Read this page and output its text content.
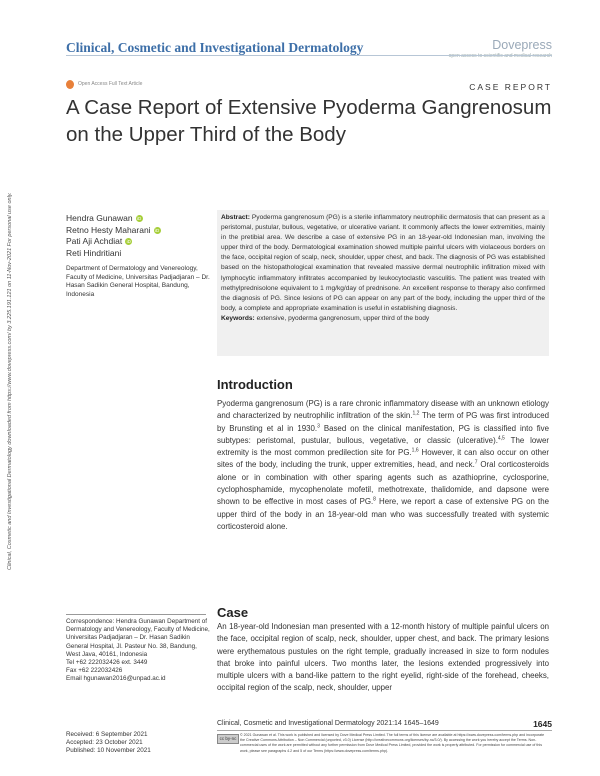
Clinical, Cosmetic and Investigational Dermatology	Dovepress
open access to scientific and medical research
Open Access Full Text Article	CASE REPORT
A Case Report of Extensive Pyoderma Gangrenosum on the Upper Third of the Body
Clinical, Cosmetic and Investigational Dermatology downloaded from https://www.dovepress.com/ by 3.225.191.121 on 11-Nov-2021 For personal use only.	Hendra Gunawan iD
Retno Hesty Maharani iD
Pati Aji Achdiat iD
Reti Hindritiani
Department of Dermatology and Venereology, Faculty of Medicine, Universitas Padjadjaran – Dr. Hasan Sadikin General Hospital, Bandung, Indonesia
Abstract: Pyoderma gangrenosum (PG) is a sterile inflammatory neutrophilic dermatosis that can present as a peristomal, pustular, bullous, vegetative, or ulcerative variant. It commonly affects the lower extremities, mainly in the pretibial area. We describe a case of extensive PG in an 18-year-old Indonesian man, involving the upper third of the body. Dermatological examination showed multiple painful ulcers with violaceous borders on the face, occipital region of scalp, neck, shoulder, upper chest, and back. The diagnosis of PG was established based on the histopathological examination that revealed massive dermal neutrophilic infiltration mixed with lymphocytic inflammatory infiltrates accompanied by leukocytoclastic vasculitis. The patient was treated with methylprednisolone equivalent to 1 mg/kg/day of prednisone. An excellent response to therapy also confirmed the diagnosis of PG. Since lesions of PG can appear on any part of the body, including the upper third of the body, a complete and appropriate examination is useful in establishing diagnosis.
Keywords: extensive, pyoderma gangrenosum, upper third of the body
Introduction
Pyoderma gangrenosum (PG) is a rare chronic inflammatory disease with an unknown etiology and characterized by neutrophilic infiltration of the skin.$^{1,2}$ The term of PG was first introduced by Brunsting et al in 1930.$^3$ Based on the clinical manifestation, PG is classified into five subtypes: peristomal, pustular, bullous, vegetative, or classic (ulcerative).$^{4,5}$ The lower extremity is the most common predilection site for PG.$^{1,6}$ However, it can also occur on other sites of the body, including the trunk, upper extremities, head, and neck.$^7$ Oral corticosteroids alone or in combination with other sparing agents such as azathioprine, cyclosporine, cyclophosphamide, mycophenolate mofetil, methotrexate, thalidomide, and dapsone were shown to be effective in most cases of PG.$^8$ Here, we report a case of extensive PG on the upper third of the body in an 18-year-old man who was successfully treated with systemic corticosteroid alone.
Correspondence: Hendra Gunawan Department of Dermatology and Venereology, Faculty of Medicine, Universitas Padjadjaran – Dr. Hasan Sadikin General Hospital, Jl. Pasteur No. 38, Bandung, West Java, 40161, Indonesia
Tel +62 222032426 ext. 3449
Fax +62 222032426
Email hgunawan2016@unpad.ac.id
Case
An 18-year-old Indonesian man presented with a 12-month history of multiple painful ulcers on the face, occipital region of scalp, neck, shoulder, upper chest, and back. The primary lesions were erythematous pustules on the right temple, gradually increased in size to form nodules that broke into painful ulcers. Two months later, the lesions extended progressively into multiple ulcers with a band-like pattern to the right eyelid, right-side of the forehead, cheeks, occipital region of the scalp, neck, shoulder, upper
Clinical, Cosmetic and Investigational Dermatology 2021:14 1645–1649	1645
Received: 6 September 2021
Accepted: 23 October 2021
Published: 10 November 2021
cc by-nc
© 2021 Gunawan et al. This work is published and licensed by Dove Medical Press Limited. The full terms of this license are available at https://www.dovepress.com/terms.php and incorporate the Creative Commons Attribution – Non Commercial (unported, v3.0) License (http://creativecommons.org/licenses/by-nc/3.0/). By accessing the work you hereby accept the Terms. Non-commercial uses of the work are permitted without any further permission from Dove Medical Press Limited, provided the work is properly attributed. For permission for commercial use of this work, please see paragraphs 4.2 and 5 of our Terms (https://www.dovepress.com/terms.php).
